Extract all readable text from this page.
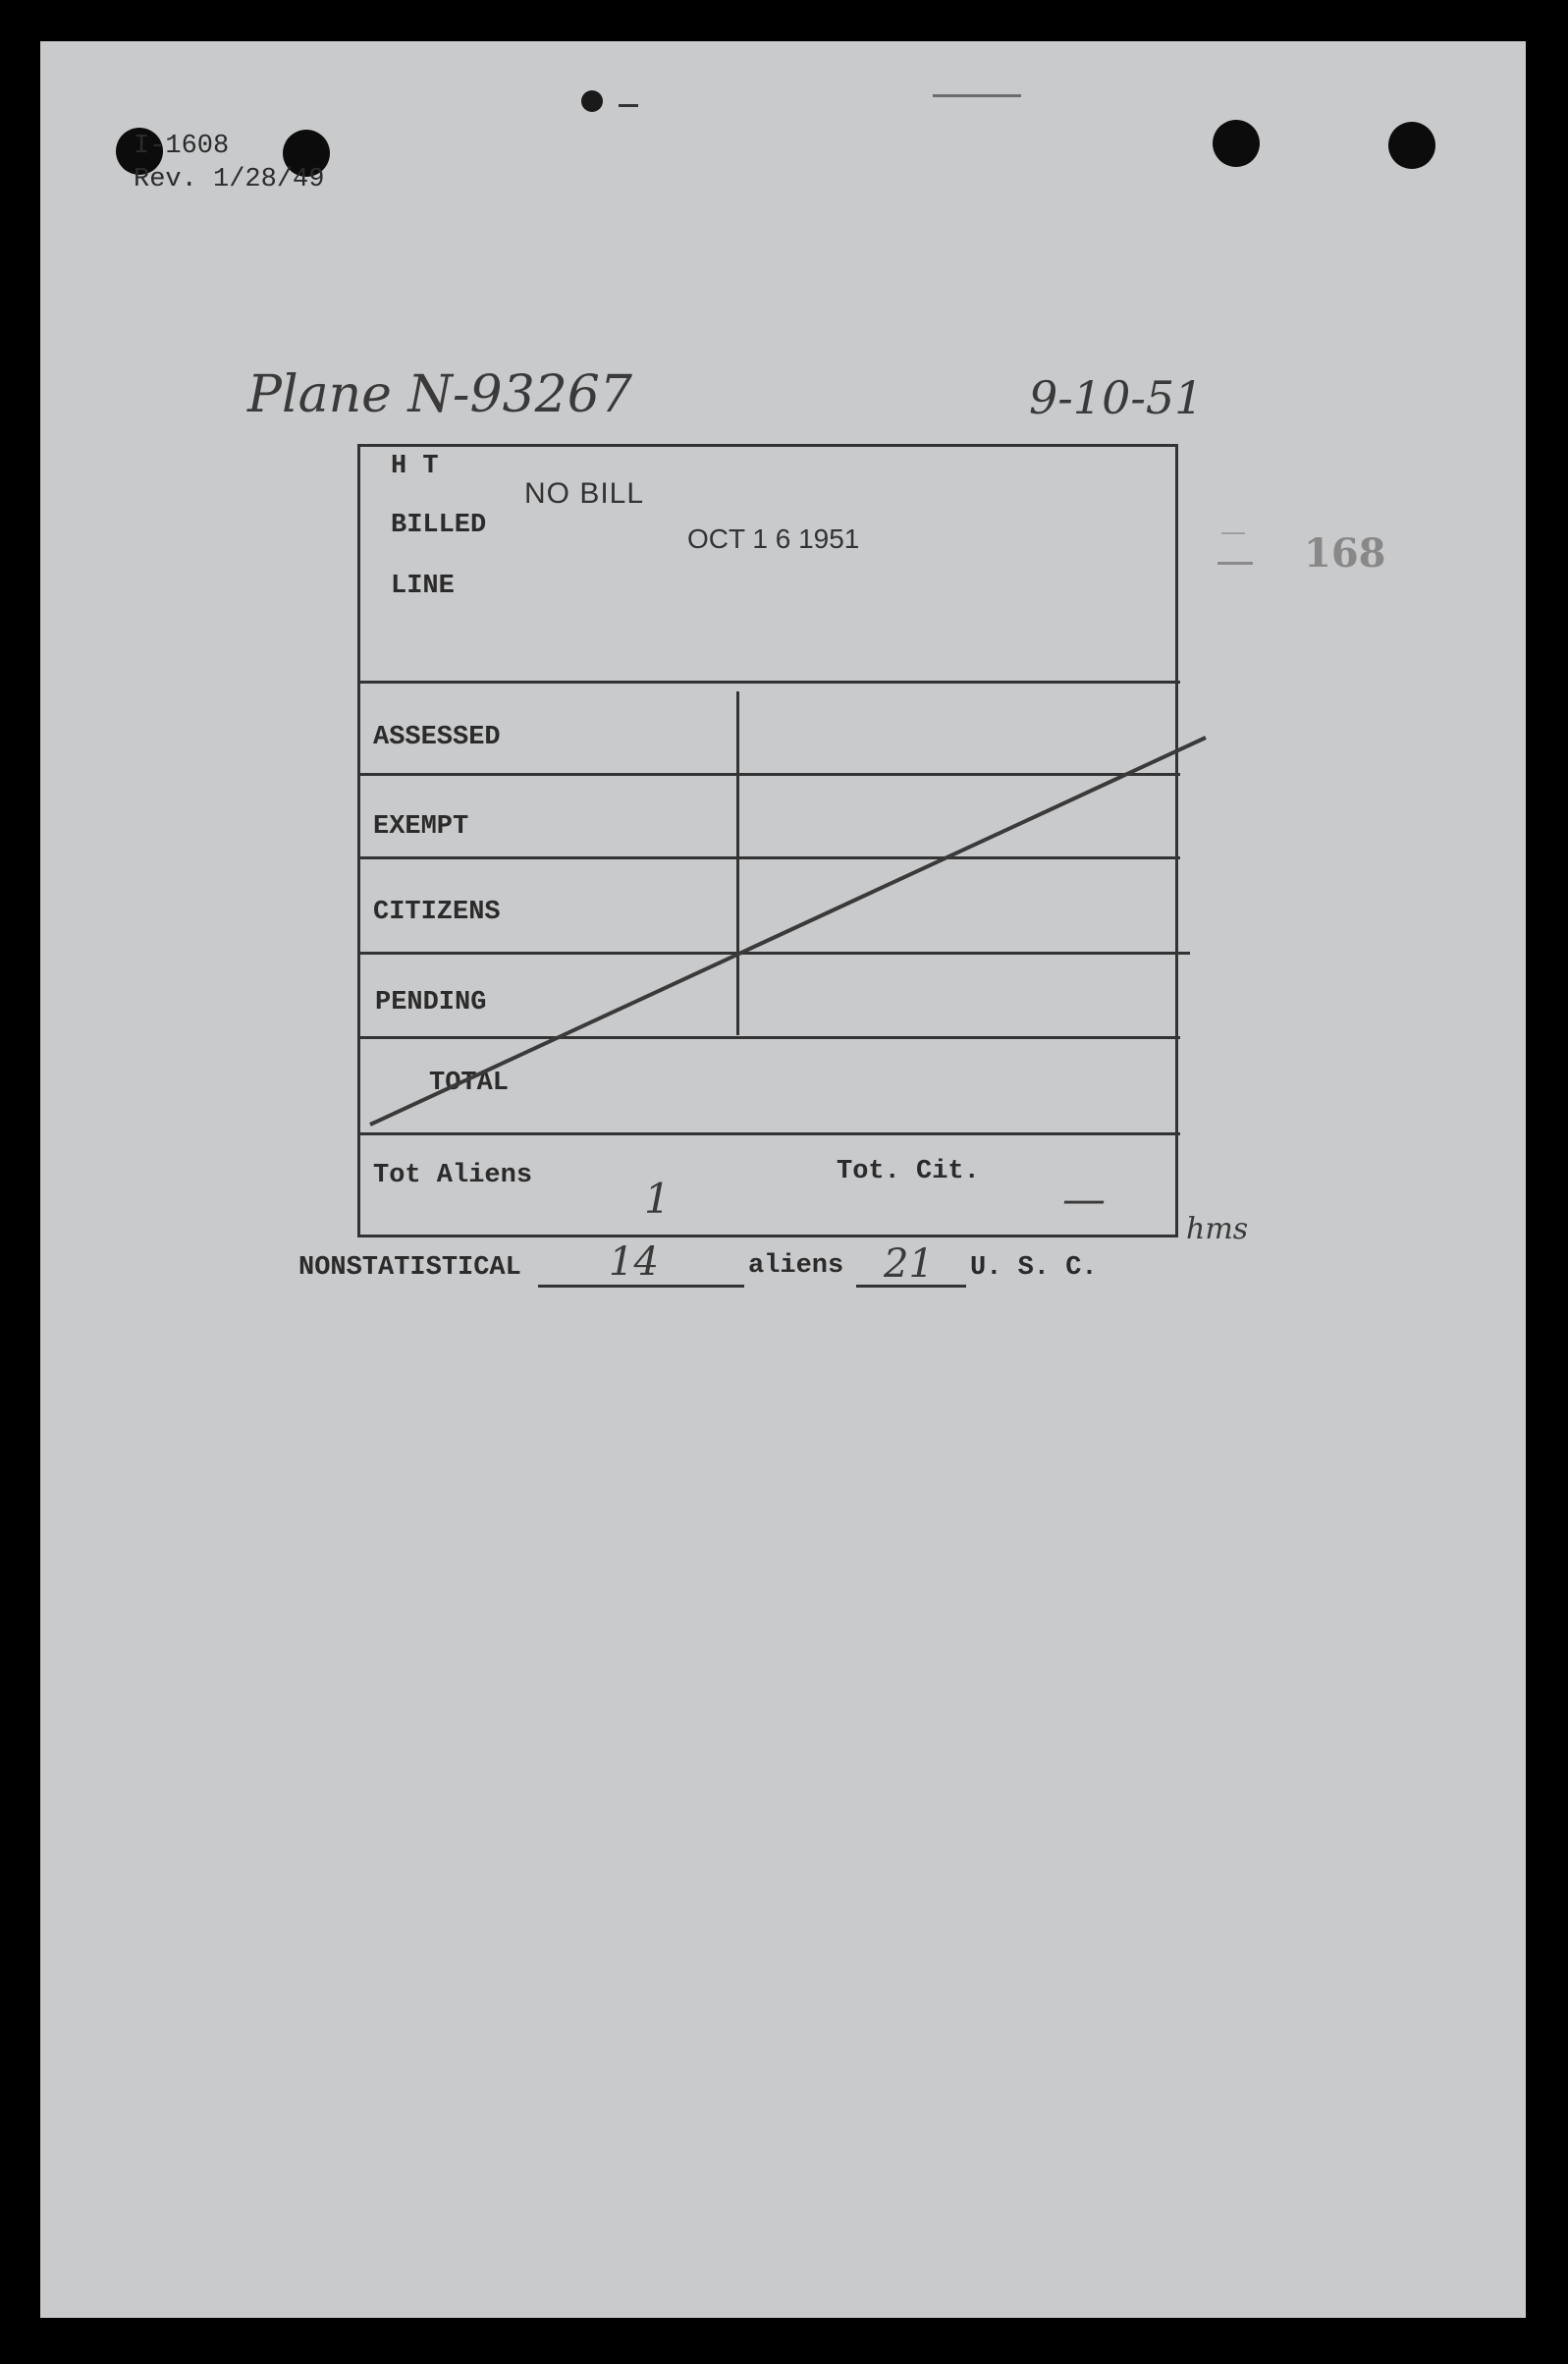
I-1608
Rev. 1/28/49
Plane N-93267	9-10-51
168
H T
BILLED
LINE
NO BILL
OCT 1 6 1951
ASSESSED
EXEMPT
CITIZENS
PENDING
TOTAL
Tot Aliens	Tot. Cit.
1	—
hms
NONSTATISTICAL 14	aliens 21 U. S. C.
